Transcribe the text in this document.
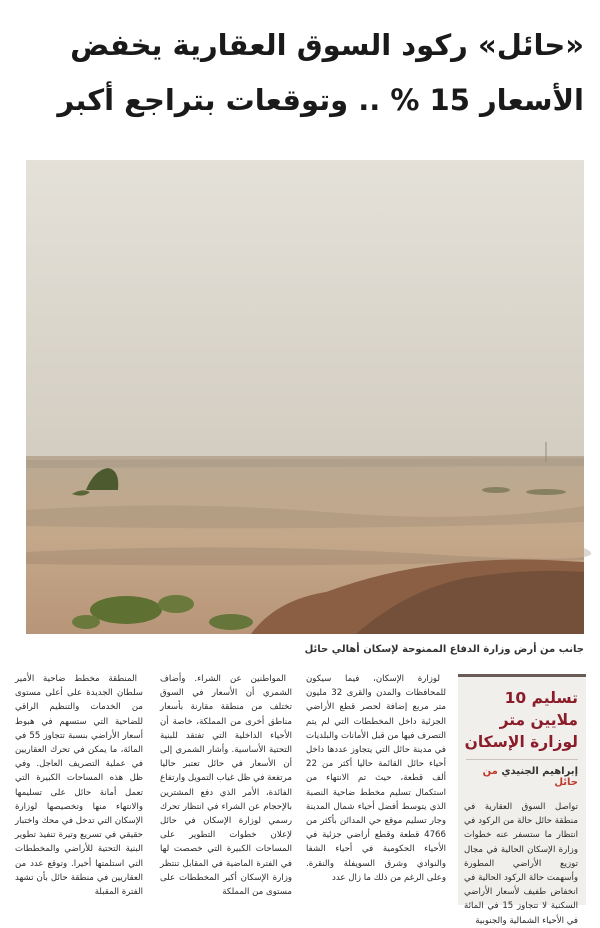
«حائل» ركود السوق العقارية يخفض
الأسعار 15 % .. وتوقعات بتراجع أكبر
جانب من أرض وزارة الدفاع الممنوحة لإسكان أهالي حائل
تسليم 10 ملايين متر لوزارة الإسكان
إبراهيم الجنيدي من حائل
تواصل السوق العقارية في منطقة حائل حالة من الركود في انتظار ما ستسفر عنه خطوات وزارة الإسكان الحالية في مجال توزيع الأراضي المطورة وأسهمت حالة الركود الحالية في انخفاض طفيف لأسعار الأراضي السكنية لا تتجاوز 15 في المائة في الأحياء الشمالية والجنوبية

لوزارة الإسكان، فيما سيكون للمحافظات والمدن والقرى 32 مليون متر مربع إضافة لحصر قطع الأراضي الجزئية داخل المخططات التي لم يتم التصرف فيها من قبل الأمانات والبلديات في مدينة حائل التي يتجاوز عددها داخل أحياء حائل القائمة حاليا أكثر من 22 ألف قطعة، حيث تم الانتهاء من استكمال تسليم مخطط ضاحية النصبة الذي يتوسط أفضل أحياء شمال المدينة وجار تسليم موقع حي المدائن بأكثر من 4766 قطعة وقطع أراضي جزئية في الأحياء الحكومية في أحياء الشفا والنوادي وشرق السويفلة والنقرة. وعلى الرغم من ذلك ما زال عدد

المواطنين عن الشراء. وأضاف الشمري أن الأسعار في السوق تختلف من منطقة مقارنة بأسعار مناطق أخرى من المملكة، خاصة أن الأحياء الداخلية التي تفتقد للبنية التحتية الأساسية. وأشار الشمري إلى أن الأسعار في حائل تعتبر حاليا مرتفعة في ظل غياب التمويل وارتفاع الفائدة، الأمر الذي دفع المشترين بالإحجام عن الشراء في انتظار تحرك رسمي لوزارة الإسكان في حائل لإعلان خطوات التطوير على المساحات الكبيرة التي خصصت لها في الفترة الماضية في المقابل تنتظر وزارة الإسكان أكبر المخططات على مستوى من المملكة

المنطقة مخطط ضاحية الأمير سلطان الجديدة على أعلى مستوى من الخدمات والتنظيم الراقي للضاحية التي ستسهم في هبوط أسعار الأراضي بنسبة تتجاوز 55 في المائة، ما يمكن في تحرك العقاريين في عملية التصريف العاجل. وفي ظل هذه المساحات الكبيرة التي تعمل أمانة حائل على تسليمها والانتهاء منها وتخصيصها لوزارة الإسكان التي تدخل في محك واختبار حقيقي في تسريع وتيرة تنفيذ تطوير البنية التحتية للأراضي والمخططات التي استلمتها أخيرا. وتوقع عدد من العقاريين في منطقة حائل بأن تشهد الفترة المقبلة
